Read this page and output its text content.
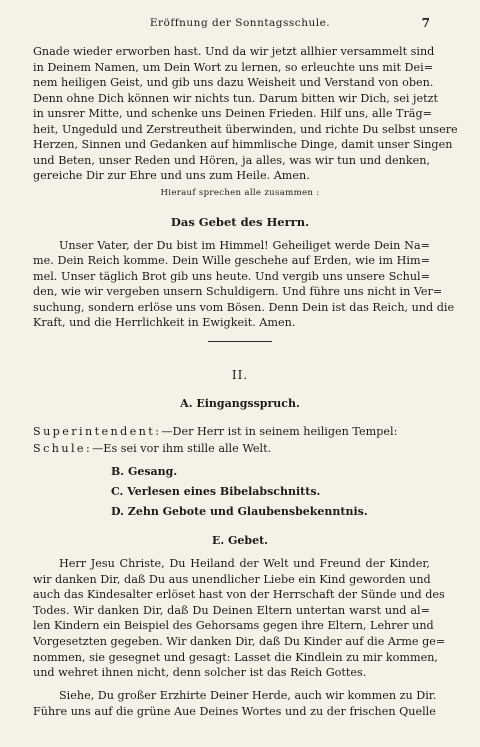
Eröffnung der Sonntagsschule.	7
Gnade wieder erworben hast. Und da wir jetzt allhier versammelt sind
in Deinem Namen, um Dein Wort zu lernen, so erleuchte uns mit Dei=
nem heiligen Geist, und gib uns dazu Weisheit und Verstand von oben.
Denn ohne Dich können wir nichts tun. Darum bitten wir Dich, sei jetzt
in unsrer Mitte, und schenke uns Deinen Frieden. Hilf uns, alle Träg=
heit, Ungeduld und Zerstreutheit überwinden, und richte Du selbst unsere
Herzen, Sinnen und Gedanken auf himmlische Dinge, damit unser Singen
und Beten, unser Reden und Hören, ja alles, was wir tun und denken,
gereiche Dir zur Ehre und uns zum Heile. Amen.
Hierauf sprechen alle zusammen :
Das Gebet des Herrn.
Unser Vater, der Du bist im Himmel! Geheiliget werde Dein Na=
me. Dein Reich komme. Dein Wille geschehe auf Erden, wie im Him=
mel. Unser täglich Brot gib uns heute. Und vergib uns unsere Schul=
den, wie wir vergeben unsern Schuldigern. Und führe uns nicht in Ver=
suchung, sondern erlöse uns vom Bösen. Denn Dein ist das Reich, und die
Kraft, und die Herrlichkeit in Ewigkeit. Amen.
II.
A. Eingangsspruch.
Superintendent:—Der Herr ist in seinem heiligen Tempel:
Schule:—Es sei vor ihm stille alle Welt.
B. Gesang.
C. Verlesen eines Bibelabschnitts.
D. Zehn Gebote und Glaubensbekenntnis.
E. Gebet.
Herr Jesu Christe, Du Heiland der Welt und Freund der Kinder,
wir danken Dir, daß Du aus unendlicher Liebe ein Kind geworden und
auch das Kindesalter erlöset hast von der Herrschaft der Sünde und des
Todes. Wir danken Dir, daß Du Deinen Eltern untertan warst und al=
len Kindern ein Beispiel des Gehorsams gegen ihre Eltern, Lehrer und
Vorgesetzten gegeben. Wir danken Dir, daß Du Kinder auf die Arme ge=
nommen, sie gesegnet und gesagt: Lasset die Kindlein zu mir kommen,
und wehret ihnen nicht, denn solcher ist das Reich Gottes.
Siehe, Du großer Erzhirte Deiner Herde, auch wir kommen zu Dir.
Führe uns auf die grüne Aue Deines Wortes und zu der frischen Quelle
